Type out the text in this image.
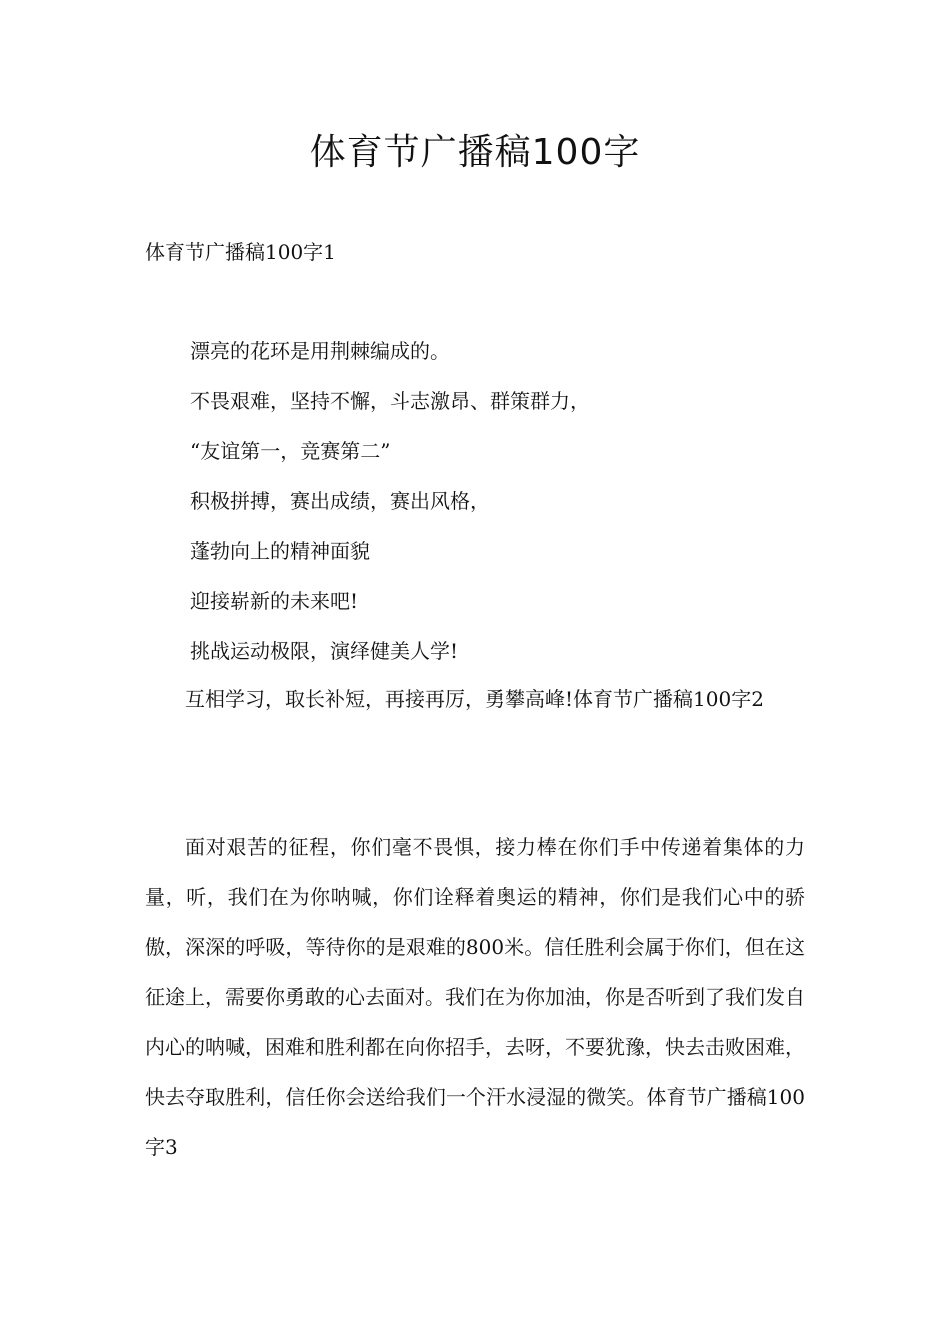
体育节广播稿100字
体育节广播稿100字1
漂亮的花环是用荆棘编成的。
不畏艰难，坚持不懈，斗志激昂、群策群力，
“友谊第一，竞赛第二”
积极拼搏，赛出成绩，赛出风格，
蓬勃向上的精神面貌
迎接崭新的未来吧!
挑战运动极限，演绎健美人学!
互相学习，取长补短，再接再厉，勇攀高峰!体育节广播稿100字2
面对艰苦的征程，你们毫不畏惧，接力棒在你们手中传递着集体的力量，听，我们在为你呐喊，你们诠释着奥运的精神，你们是我们心中的骄傲，深深的呼吸，等待你的是艰难的800米。信任胜利会属于你们，但在这征途上，需要你勇敢的心去面对。我们在为你加油，你是否听到了我们发自内心的呐喊，困难和胜利都在向你招手，去呀，不要犹豫，快去击败困难，快去夺取胜利，信任你会送给我们一个汗水浸湿的微笑。体育节广播稿100字3
